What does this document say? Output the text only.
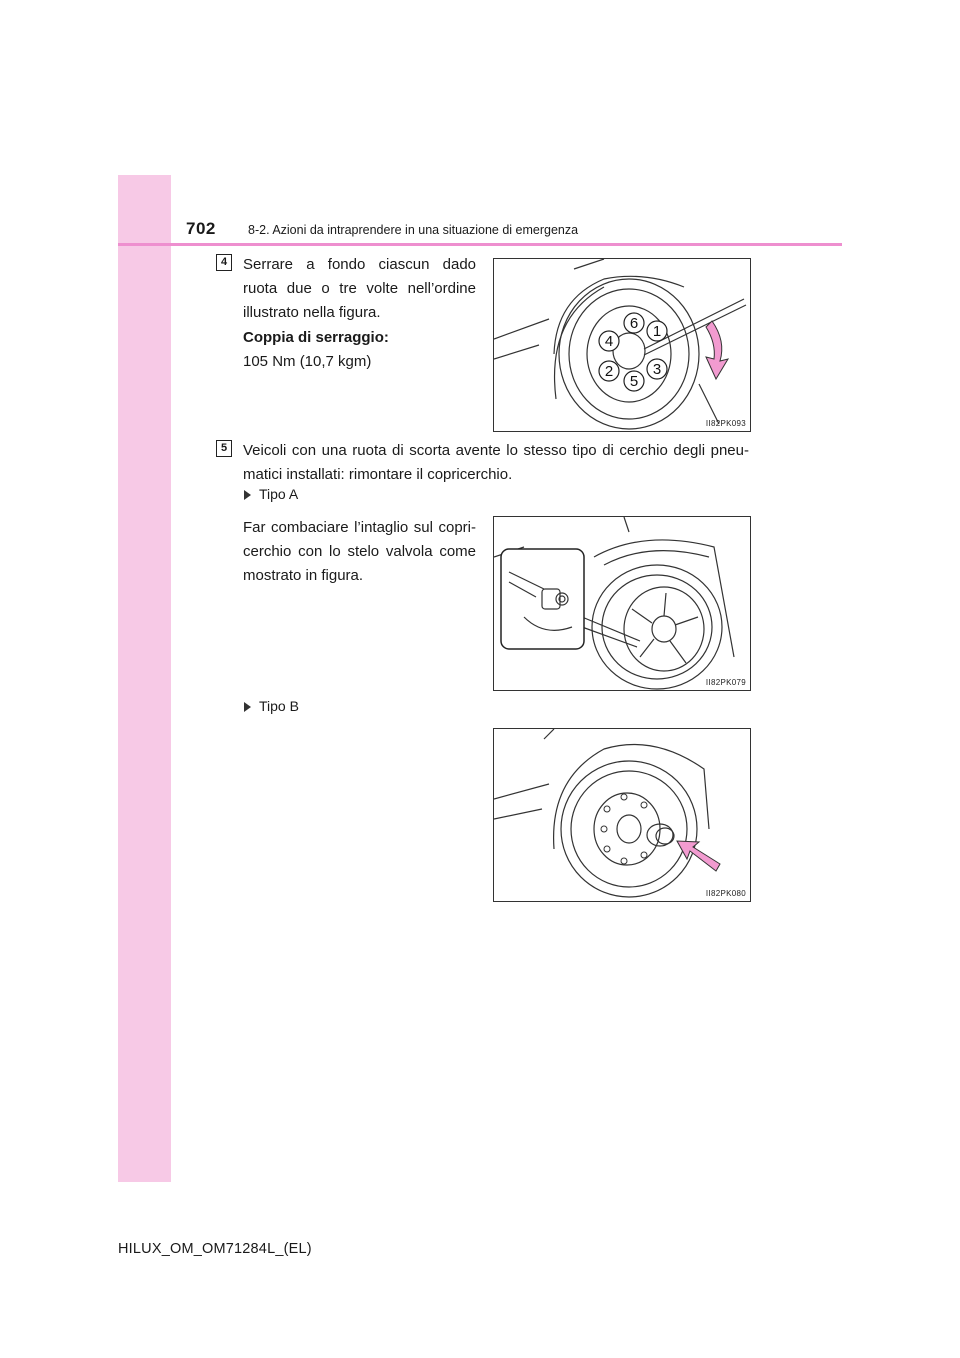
702	8-2. Azioni da intraprendere in una situazione di emergenza
4	Serrare a fondo ciascun dado ruota due o tre volte nell’ordine illustrato nella figura.
Coppia di serraggio:
105 Nm (10,7 kgm)
1
2	3
4
5
6
II82PK093
5	Veicoli con una ruota di scorta avente lo stesso tipo di cerchio degli pneumatici installati: rimontare il copricerchio.
Tipo A
Far combaciare l’intaglio sul copricerchio con lo stelo valvola come mostrato in figura.
II82PK079
Tipo B
II82PK080
HILUX_OM_OM71284L_(EL)
